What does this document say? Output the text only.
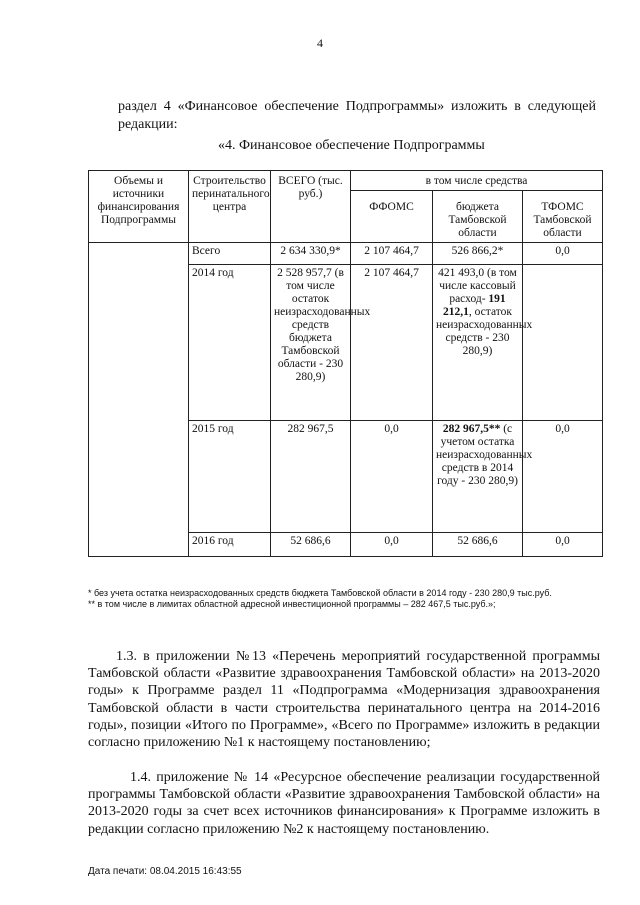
4
раздел 4 «Финансовое обеспечение Подпрограммы» изложить в следующей редакции:
«4. Финансовое обеспечение Подпрограммы
Объемы и источники финансирования Подпрограммы	Строительство перинатального центра	ВСЕГО (тыс. руб.)	в том числе средства		
			ФФОМС	бюджета Тамбовской области	ТФОМС Тамбовской области
	Всего	2 634 330,9*	2 107 464,7	526 866,2*	0,0
	2014 год	2 528 957,7 (в том числе остаток неизрасходованных средств бюджета Тамбовской области - 230 280,9)	2 107 464,7	421 493,0 (в том числе кассовый расход- 191 212,1, остаток неизрасходованных средств - 230 280,9)	
	2015 год	282 967,5	0,0	282 967,5** (с учетом остатка неизрасходованных средств в 2014 году - 230 280,9)	0,0
	2016 год	52 686,6	0,0	52 686,6	0,0
* без учета остатка неизрасходованных средств бюджета Тамбовской области в 2014 году - 230 280,9 тыс.руб.
** в том числе в лимитах областной адресной инвестиционной программы – 282 467,5 тыс.руб.»;
1.3. в приложении №13 «Перечень мероприятий государственной программы Тамбовской области «Развитие здравоохранения Тамбовской области» на 2013-2020 годы» к Программе раздел 11 «Подпрограмма «Модернизация здравоохранения Тамбовской области в части строительства перинатального центра на 2014-2016 годы», позиции «Итого по Программе», «Всего по Программе» изложить в редакции согласно приложению №1 к настоящему постановлению;
1.4. приложение № 14 «Ресурсное обеспечение реализации государственной программы Тамбовской области «Развитие здравоохранения Тамбовской области» на 2013-2020 годы за счет всех источников финансирования» к Программе изложить в редакции согласно приложению №2 к настоящему постановлению.
Дата печати: 08.04.2015 16:43:55
